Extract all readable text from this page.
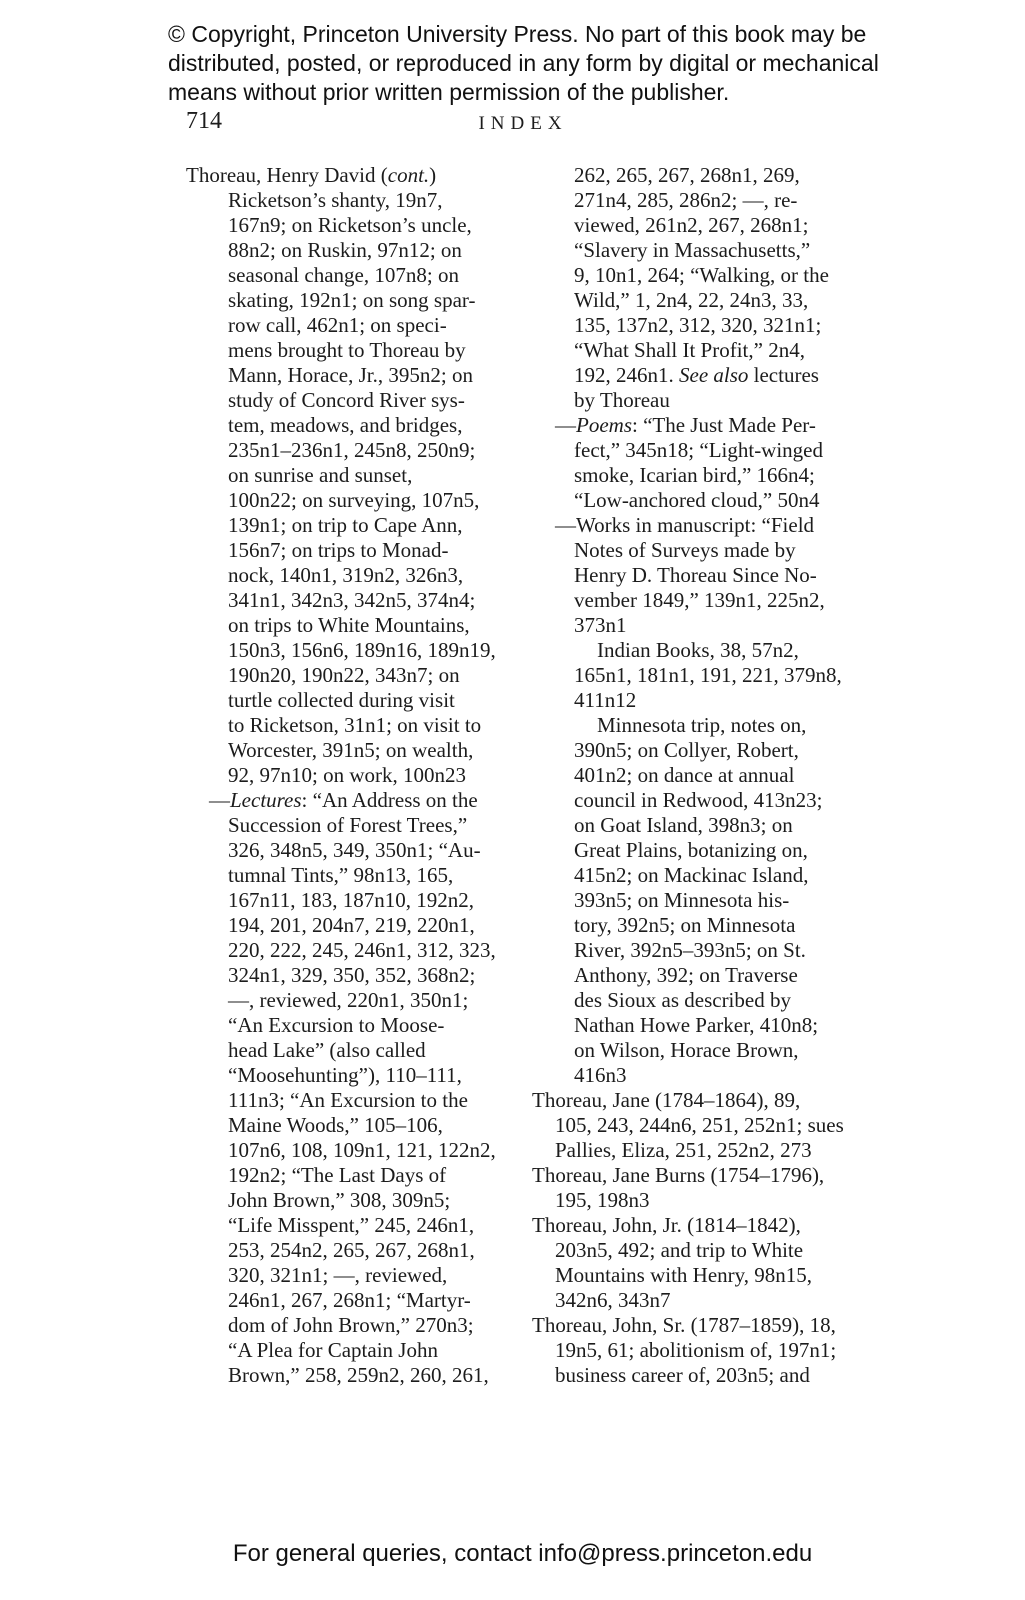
© Copyright, Princeton University Press. No part of this book may be
distributed, posted, or reproduced in any form by digital or mechanical
means without prior written permission of the publisher.
714	INDEX
Thoreau, Henry David (cont.)
Ricketson’s shanty, 19n7,
167n9; on Ricketson’s uncle,
88n2; on Ruskin, 97n12; on
seasonal change, 107n8; on
skating, 192n1; on song spar-
row call, 462n1; on speci-
mens brought to Thoreau by
Mann, Horace, Jr., 395n2; on
study of Concord River sys-
tem, meadows, and bridges,
235n1–236n1, 245n8, 250n9;
on sunrise and sunset,
100n22; on surveying, 107n5,
139n1; on trip to Cape Ann,
156n7; on trips to Monad-
nock, 140n1, 319n2, 326n3,
341n1, 342n3, 342n5, 374n4;
on trips to White Mountains,
150n3, 156n6, 189n16, 189n19,
190n20, 190n22, 343n7; on
turtle collected during visit
to Ricketson, 31n1; on visit to
Worcester, 391n5; on wealth,
92, 97n10; on work, 100n23
—Lectures: “An Address on the
Succession of Forest Trees,”
326, 348n5, 349, 350n1; “Au-
tumnal Tints,” 98n13, 165,
167n11, 183, 187n10, 192n2,
194, 201, 204n7, 219, 220n1,
220, 222, 245, 246n1, 312, 323,
324n1, 329, 350, 352, 368n2;
—, reviewed, 220n1, 350n1;
“An Excursion to Moose-
head Lake” (also called
“Moosehunting”), 110–111,
111n3; “An Excursion to the
Maine Woods,” 105–106,
107n6, 108, 109n1, 121, 122n2,
192n2; “The Last Days of
John Brown,” 308, 309n5;
“Life Misspent,” 245, 246n1,
253, 254n2, 265, 267, 268n1,
320, 321n1; —, reviewed,
246n1, 267, 268n1; “Martyr-
dom of John Brown,” 270n3;
“A Plea for Captain John
Brown,” 258, 259n2, 260, 261,
262, 265, 267, 268n1, 269,
271n4, 285, 286n2; —, re-
viewed, 261n2, 267, 268n1;
“Slavery in Massachusetts,”
9, 10n1, 264; “Walking, or the
Wild,” 1, 2n4, 22, 24n3, 33,
135, 137n2, 312, 320, 321n1;
“What Shall It Profit,” 2n4,
192, 246n1. See also lectures
by Thoreau
—Poems: “The Just Made Per-
fect,” 345n18; “Light-winged
smoke, Icarian bird,” 166n4;
“Low-anchored cloud,” 50n4
—Works in manuscript: “Field
Notes of Surveys made by
Henry D. Thoreau Since No-
vember 1849,” 139n1, 225n2,
373n1
Indian Books, 38, 57n2,
165n1, 181n1, 191, 221, 379n8,
411n12
Minnesota trip, notes on,
390n5; on Collyer, Robert,
401n2; on dance at annual
council in Redwood, 413n23;
on Goat Island, 398n3; on
Great Plains, botanizing on,
415n2; on Mackinac Island,
393n5; on Minnesota his-
tory, 392n5; on Minnesota
River, 392n5–393n5; on St.
Anthony, 392; on Traverse
des Sioux as described by
Nathan Howe Parker, 410n8;
on Wilson, Horace Brown,
416n3
Thoreau, Jane (1784–1864), 89,
105, 243, 244n6, 251, 252n1; sues
Pallies, Eliza, 251, 252n2, 273
Thoreau, Jane Burns (1754–1796),
195, 198n3
Thoreau, John, Jr. (1814–1842),
203n5, 492; and trip to White
Mountains with Henry, 98n15,
342n6, 343n7
Thoreau, John, Sr. (1787–1859), 18,
19n5, 61; abolitionism of, 197n1;
business career of, 203n5; and
For general queries, contact info@press.princeton.edu
